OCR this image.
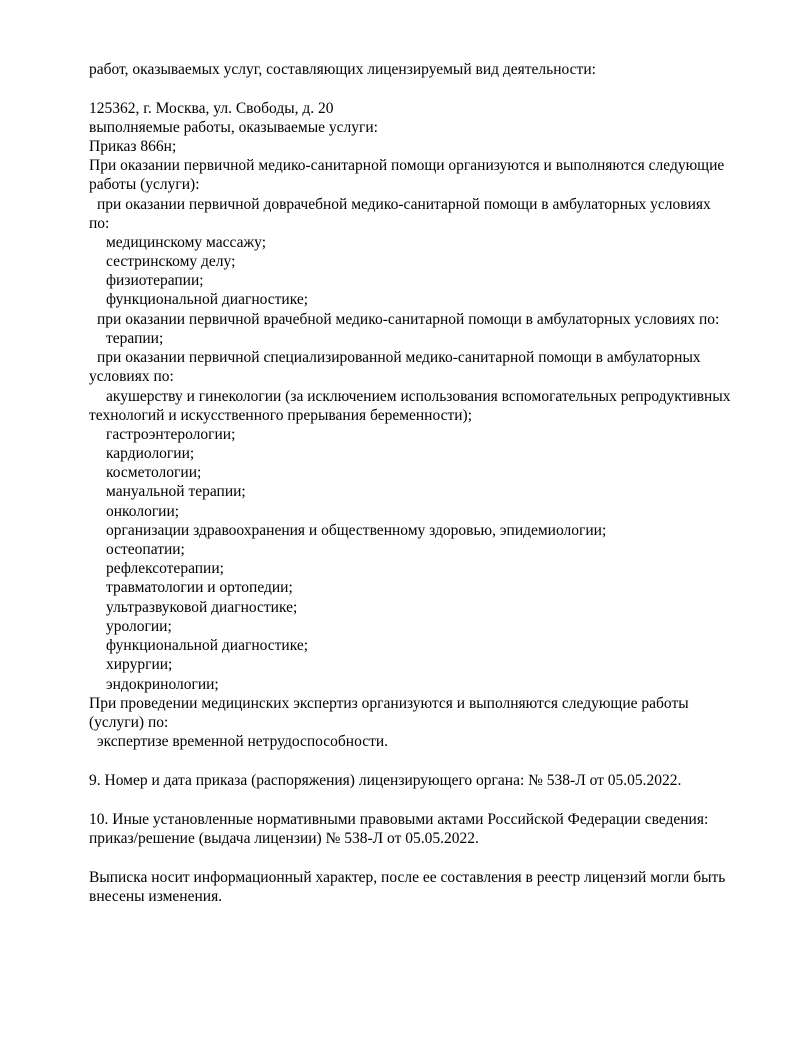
работ, оказываемых услуг, составляющих лицензируемый вид деятельности:
125362, г. Москва, ул. Свободы, д. 20
выполняемые работы, оказываемые услуги:
Приказ 866н;
При оказании первичной медико-санитарной помощи организуются и выполняются следующие
работы (услуги):
при оказании первичной доврачебной медико-санитарной помощи в амбулаторных условиях
по:
медицинскому массажу;
сестринскому делу;
физиотерапии;
функциональной диагностике;
при оказании первичной врачебной медико-санитарной помощи в амбулаторных условиях по:
терапии;
при оказании первичной специализированной медико-санитарной помощи в амбулаторных
условиях по:
акушерству и гинекологии (за исключением использования вспомогательных репродуктивных
технологий и искусственного прерывания беременности);
гастроэнтерологии;
кардиологии;
косметологии;
мануальной терапии;
онкологии;
организации здравоохранения и общественному здоровью, эпидемиологии;
остеопатии;
рефлексотерапии;
травматологии и ортопедии;
ультразвуковой диагностике;
урологии;
функциональной диагностике;
хирургии;
эндокринологии;
При проведении медицинских экспертиз организуются и выполняются следующие работы
(услуги) по:
экспертизе временной нетрудоспособности.
9. Номер и дата приказа (распоряжения) лицензирующего органа: № 538-Л от 05.05.2022.
10. Иные установленные нормативными правовыми актами Российской Федерации сведения:
приказ/решение (выдача лицензии) № 538-Л от 05.05.2022.
Выписка носит информационный характер, после ее составления в реестр лицензий могли быть
внесены изменения.
